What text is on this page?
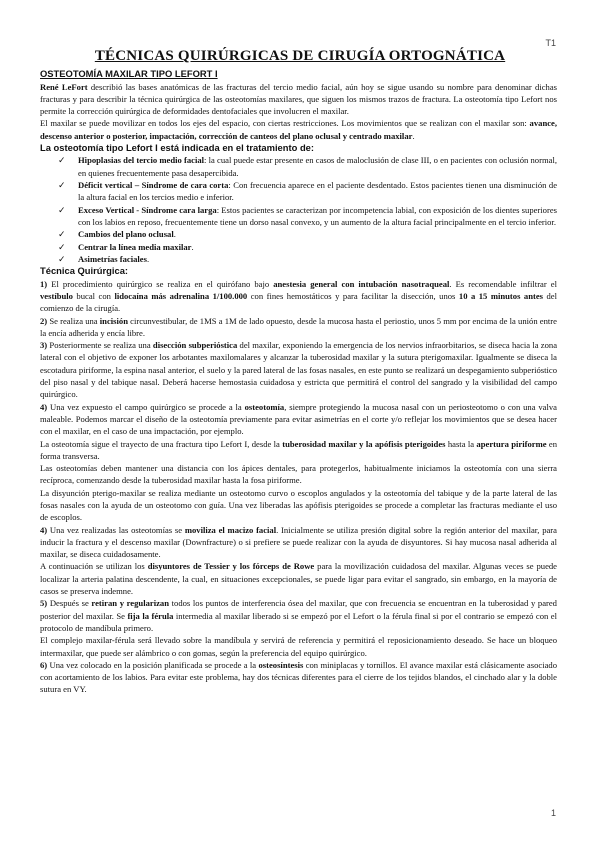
T1
TÉCNICAS QUIRÚRGICAS DE CIRUGÍA ORTOGNÁTICA
OSTEOTOMÍA MAXILAR TIPO LEFORT I

René LeFort describió las bases anatómicas de las fracturas del tercio medio facial, aún hoy se sigue usando su nombre para denominar dichas fracturas y para describir la técnica quirúrgica de las osteotomías maxilares, que siguen los mismos trazos de fractura. La osteotomía tipo Lefort nos permite la corrección quirúrgica de deformidades dentofaciales que involucren el maxilar.

El maxilar se puede movilizar en todos los ejes del espacio, con ciertas restricciones. Los movimientos que se realizan con el maxilar son: avance, descenso anterior o posterior, impactación, corrección de canteos del plano oclusal y centrado maxilar.

La osteotomía tipo Lefort I está indicada en el tratamiento de:
✓ Hipoplasias del tercio medio facial: la cual puede estar presente en casos de maloclusión de clase III, o en pacientes con oclusión normal, en quienes frecuentemente pasa desapercibida.
✓ Déficit vertical – Síndrome de cara corta: Con frecuencia aparece en el paciente desdentado. Estos pacientes tienen una disminución de la altura facial en los tercios medio e inferior.
✓ Exceso Vertical - Síndrome cara larga: Estos pacientes se caracterizan por incompetencia labial, con exposición de los dientes superiores con los labios en reposo, frecuentemente tiene un dorso nasal convexo, y un aumento de la altura facial principalmente en el tercio inferior.
✓ Cambios del plano oclusal.
✓ Centrar la línea media maxilar.
✓ Asimetrías faciales.
Técnica Quirúrgica:

1) El procedimiento quirúrgico se realiza en el quirófano bajo anestesia general con intubación nasotraqueal. Es recomendable infiltrar el vestíbulo bucal con lidocaína más adrenalina 1/100.000 con fines hemostáticos y para facilitar la disección, unos 10 a 15 minutos antes del comienzo de la cirugía.

2) Se realiza una incisión circunvestibular, de 1MS a 1M de lado opuesto, desde la mucosa hasta el periostio, unos 5 mm por encima de la unión entre la encía adherida y encía libre.

3) Posteriormente se realiza una disección subperióstica del maxilar, exponiendo la emergencia de los nervios infraorbitarios, se diseca hacia la zona lateral con el objetivo de exponer los arbotantes maxilomalares y alcanzar la tuberosidad maxilar y la sutura pterigomaxilar. Igualmente se diseca la escotadura piriforme, la espina nasal anterior, el suelo y la pared lateral de las fosas nasales, en este punto se realizará un despegamiento subperióstico del piso nasal y del tabique nasal. Deberá hacerse hemostasia cuidadosa y estricta que permitirá el control del sangrado y la visibilidad del campo quirúrgico.

4) Una vez expuesto el campo quirúrgico se procede a la osteotomía, siempre protegiendo la mucosa nasal con un periosteotomo o con una valva maleable. Podemos marcar el diseño de la osteotomía previamente para evitar asimetrías en el corte y/o reflejar los movimientos que se desea hacer con el maxilar, en el caso de una impactación, por ejemplo.

La osteotomía sigue el trayecto de una fractura tipo Lefort I, desde la tuberosidad maxilar y la apófisis pterigoides hasta la apertura piriforme en forma transversa.

Las osteotomías deben mantener una distancia con los ápices dentales, para protegerlos, habitualmente iniciamos la osteotomía con una sierra recíproca, comenzando desde la tuberosidad maxilar hasta la fosa piriforme.

La disyunción pterigo-maxilar se realiza mediante un osteotomo curvo o escoplos angulados y la osteotomía del tabique y de la parte lateral de las fosas nasales con la ayuda de un osteotomo con guía. Una vez liberadas las apófisis pterigoides se procede a completar las fracturas mediante el uso de escoplos.

4) Una vez realizadas las osteotomías se moviliza el macizo facial. Inicialmente se utiliza presión digital sobre la región anterior del maxilar, para inducir la fractura y el descenso maxilar (Downfracture) o si prefiere se puede realizar con la ayuda de disyuntores. Si hay mucosa nasal adherida al maxilar, se diseca cuidadosamente.

A continuación se utilizan los disyuntores de Tessier y los fórceps de Rowe para la movilización cuidadosa del maxilar. Algunas veces se puede localizar la arteria palatina descendente, la cual, en situaciones excepcionales, se puede ligar para evitar el sangrado, sin embargo, en la mayoría de casos se preserva indemne.

5) Después se retiran y regularizan todos los puntos de interferencia ósea del maxilar, que con frecuencia se encuentran en la tuberosidad y pared posterior del maxilar. Se fija la férula intermedia al maxilar liberado si se empezó por el Lefort o la férula final si por el contrario se empezó con el protocolo de mandíbula primero.

El complejo maxilar-férula será llevado sobre la mandíbula y servirá de referencia y permitirá el reposicionamiento deseado. Se hace un bloqueo intermaxilar, que puede ser alámbrico o con gomas, según la preferencia del equipo quirúrgico.

6) Una vez colocado en la posición planificada se procede a la osteosíntesis con miniplacas y tornillos. El avance maxilar está clásicamente asociado con acortamiento de los labios. Para evitar este problema, hay dos técnicas diferentes para el cierre de los tejidos blandos, el cinchado alar y la doble sutura en VY.

1
